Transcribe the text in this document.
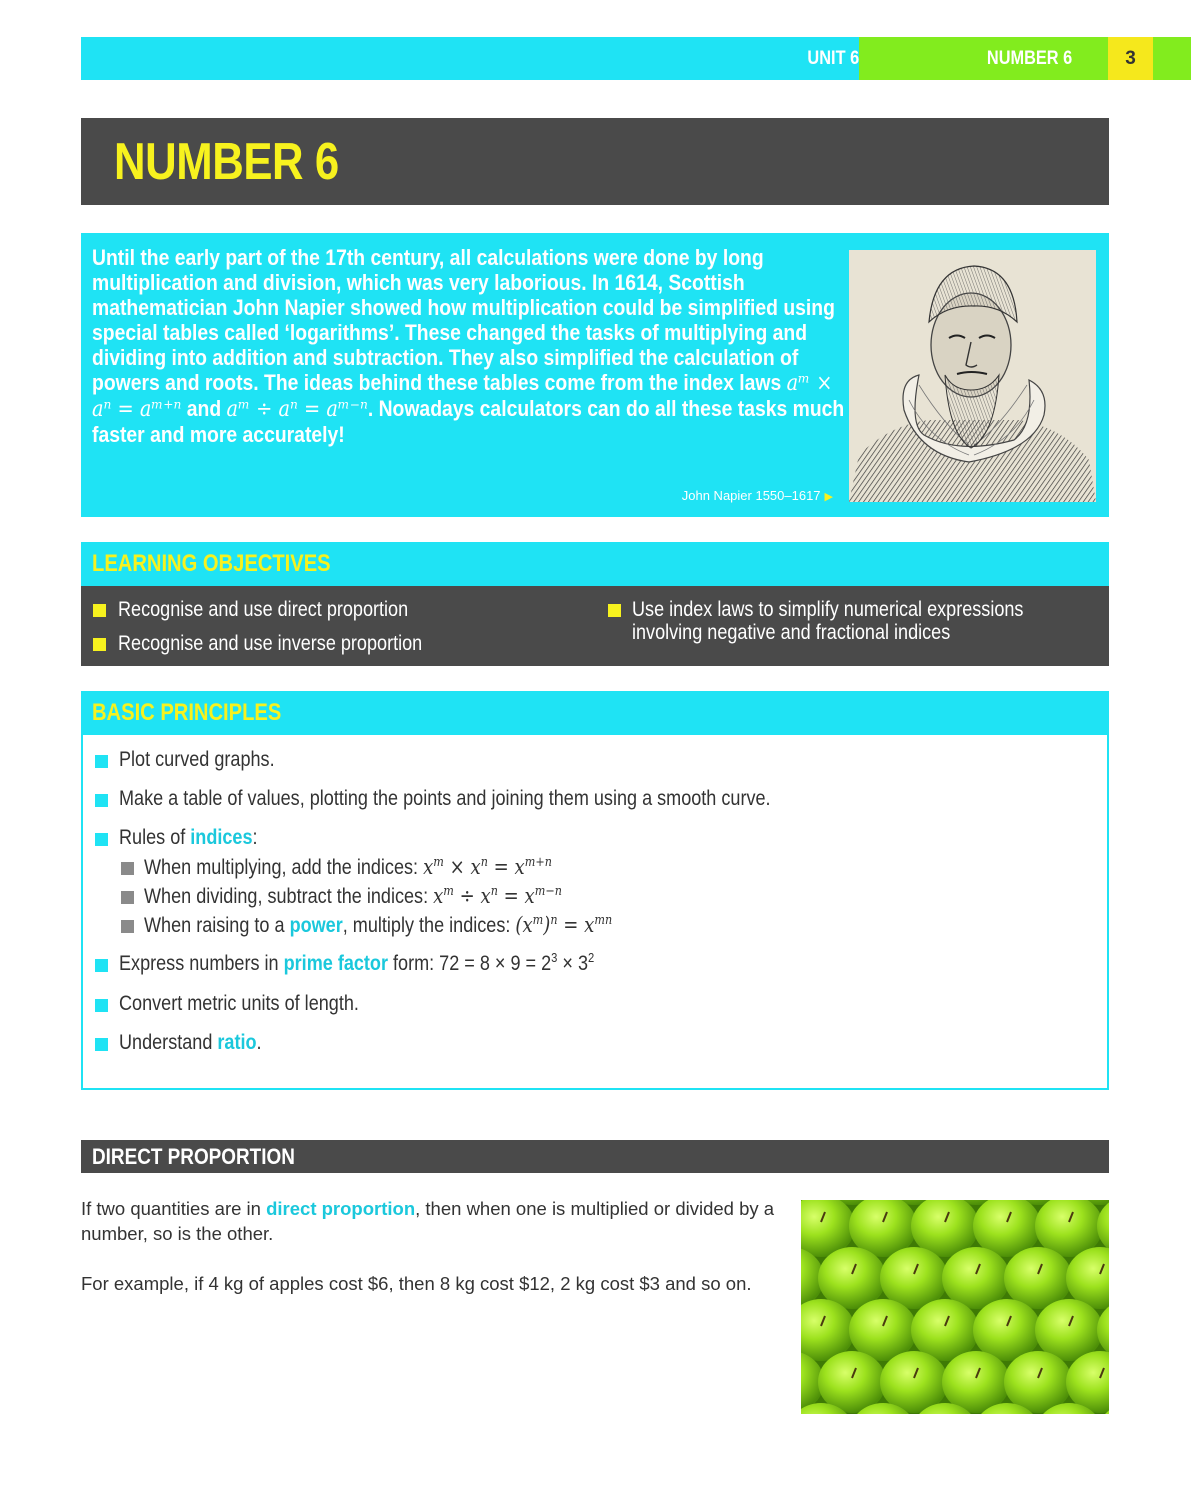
UNIT 6	NUMBER 6	3
NUMBER 6

Until the early part of the 17th century, all calculations were done by long multiplication and division, which was very laborious. In 1614, Scottish mathematician John Napier showed how multiplication could be simplified using special tables called ‘logarithms’. These changed the tasks of multiplying and dividing into addition and subtraction. They also simplified the calculation of powers and roots. The ideas behind these tables come from the index laws aᵐ × aⁿ = aᵐ⁺ⁿ and aᵐ ÷ aⁿ = aᵐ⁻ⁿ. Nowadays calculators can do all these tasks much faster and more accurately!

John Napier 1550–1617 ▶
LEARNING OBJECTIVES
Recognise and use direct proportion
Recognise and use inverse proportion
Use index laws to simplify numerical expressions
involving negative and fractional indices
BASIC PRINCIPLES
Plot curved graphs.
Make a table of values, plotting the points and joining them using a smooth curve.
Rules of indices:
When multiplying, add the indices: $x^m \times x^n = x^{m+n}$
When dividing, subtract the indices: $x^m \div x^n = x^{m-n}$
When raising to a power, multiply the indices: $(x^m)^n = x^{mn}$
Express numbers in prime factor form: $72 = 8 \times 9 = 2^3 \times 3^2$
Convert metric units of length.
Understand ratio.
DIRECT PROPORTION

If two quantities are in direct proportion, then when one is multiplied or divided by a number, so is the other.

For example, if 4 kg of apples cost $6, then 8 kg cost $12, 2 kg cost $3 and so on.
